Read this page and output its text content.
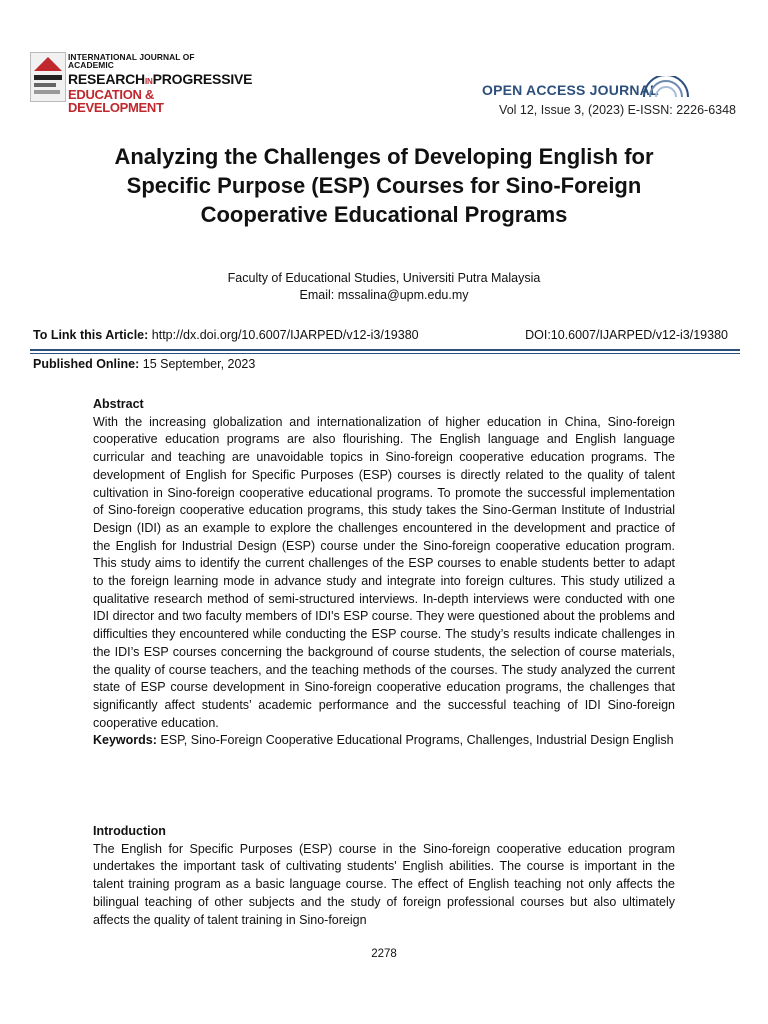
INTERNATIONAL JOURNAL OF ACADEMIC
RESEARCHINPROGRESSIVE
EDUCATION & DEVELOPMENT
OPEN ACCESS JOURNAL
Vol 12, Issue 3, (2023) E-ISSN: 2226-6348
Analyzing the Challenges of Developing English for Specific Purpose (ESP) Courses for Sino-Foreign Cooperative Educational Programs
Faculty of Educational Studies, Universiti Putra Malaysia
Email: mssalina@upm.edu.my
To Link this Article: http://dx.doi.org/10.6007/IJARPED/v12-i3/19380	DOI:10.6007/IJARPED/v12-i3/19380
Published Online: 15 September, 2023
Abstract
With the increasing globalization and internationalization of higher education in China, Sino-foreign cooperative education programs are also flourishing. The English language and English language curricular and teaching are unavoidable topics in Sino-foreign cooperative education programs. The development of English for Specific Purposes (ESP) courses is directly related to the quality of talent cultivation in Sino-foreign cooperative educational programs. To promote the successful implementation of Sino-foreign cooperative education programs, this study takes the Sino-German Institute of Industrial Design (IDI) as an example to explore the challenges encountered in the development and practice of the English for Industrial Design (ESP) course under the Sino-foreign cooperative education program. This study aims to identify the current challenges of the ESP courses to enable students better to adapt to the foreign learning mode in advance study and integrate into foreign cultures. This study utilized a qualitative research method of semi-structured interviews. In-depth interviews were conducted with one IDI director and two faculty members of IDI's ESP course. They were questioned about the problems and difficulties they encountered while conducting the ESP course. The study’s results indicate challenges in the IDI’s ESP courses concerning the background of course students, the selection of course materials, the quality of course teachers, and the teaching methods of the courses. The study analyzed the current state of ESP course development in Sino-foreign cooperative education programs, the challenges that significantly affect students’ academic performance and the successful teaching of IDI Sino-foreign cooperative education.
Keywords: ESP, Sino-Foreign Cooperative Educational Programs, Challenges, Industrial Design English
Introduction
The English for Specific Purposes (ESP) course in the Sino-foreign cooperative education program undertakes the important task of cultivating students' English abilities. The course is important in the talent training program as a basic language course. The effect of English teaching not only affects the bilingual teaching of other subjects and the study of foreign professional courses but also ultimately affects the quality of talent training in Sino-foreign
2278
